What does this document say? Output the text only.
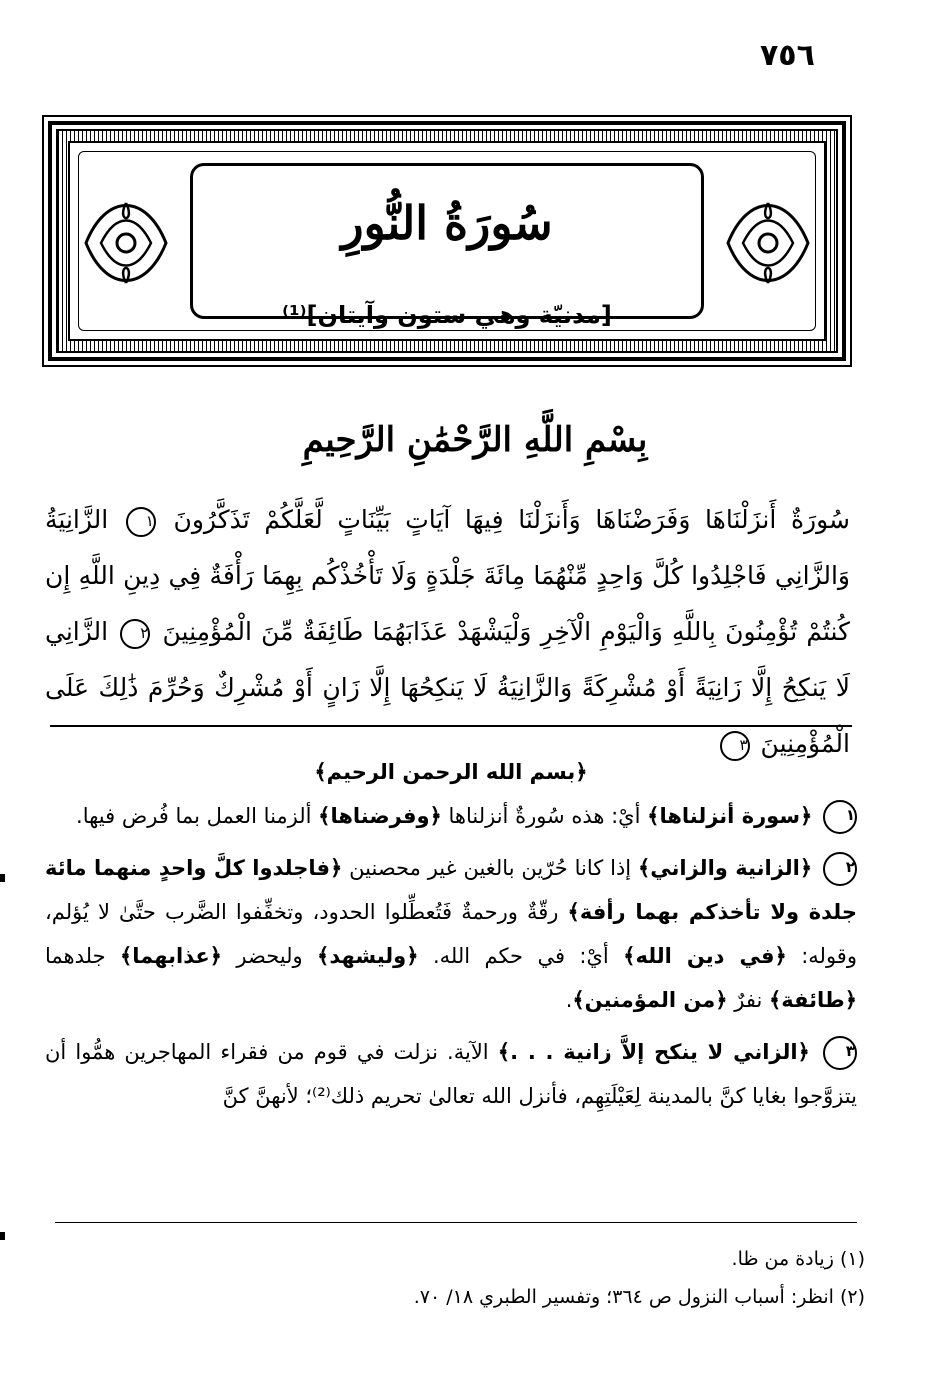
٧٥٦
سُورَةُ النُّورِ
[مدنيّة وهي ستون وآيتان]⁽¹⁾
بِسْمِ اللَّهِ الرَّحْمَٰنِ الرَّحِيمِ
سُورَةٌ أَنزَلْنَاهَا وَفَرَضْنَاهَا وَأَنزَلْنَا فِيهَا آيَاتٍ بَيِّنَاتٍ لَّعَلَّكُمْ تَذَكَّرُونَ ١ الزَّانِيَةُ وَالزَّانِي فَاجْلِدُوا كُلَّ وَاحِدٍ مِّنْهُمَا مِائَةَ جَلْدَةٍ وَلَا تَأْخُذْكُم بِهِمَا رَأْفَةٌ فِي دِينِ اللَّهِ إِن كُنتُمْ تُؤْمِنُونَ بِاللَّهِ وَالْيَوْمِ الْآخِرِ وَلْيَشْهَدْ عَذَابَهُمَا طَائِفَةٌ مِّنَ الْمُؤْمِنِينَ ٢ الزَّانِي لَا يَنكِحُ إِلَّا زَانِيَةً أَوْ مُشْرِكَةً وَالزَّانِيَةُ لَا يَنكِحُهَا إِلَّا زَانٍ أَوْ مُشْرِكٌ وَحُرِّمَ ذَٰلِكَ عَلَى الْمُؤْمِنِينَ ٣
﴿بسم الله الرحمن الرحيم﴾
١ ﴿سورة أنزلناها﴾ أيْ: هذه سُورةٌ أنزلناها ﴿وفرضناها﴾ ألزمنا العمل بما فُرض فيها.
٢ ﴿الزانية والزاني﴾ إذا كانا حُرّين بالغين غير محصنين ﴿فاجلدوا كلَّ واحدٍ منهما مائة جلدة ولا تأخذكم بهما رأفة﴾ رقّةٌ ورحمةٌ فَتُعطِّلوا الحدود، وتخفِّفوا الضَّرب حتَّىٰ لا يُؤلم، وقوله: ﴿في دين الله﴾ أيْ: في حكم الله. ﴿وليشهد﴾ وليحضر ﴿عذابهما﴾ جلدهما ﴿طائفة﴾ نفرٌ ﴿من المؤمنين﴾.
٣ ﴿الزاني لا ينكح إلاَّ زانية . . .﴾ الآية. نزلت في قوم من فقراء المهاجرين همُّوا أن يتزوَّجوا بغايا كنَّ بالمدينة لِعَيْلَتِهِم، فأنزل الله تعالىٰ تحريم ذلك⁽²⁾؛ لأنهنَّ كنَّ
(١) زيادة من ظا.
(٢) انظر: أسباب النزول ص ٣٦٤؛ وتفسير الطبري ١٨/ ٧٠.
